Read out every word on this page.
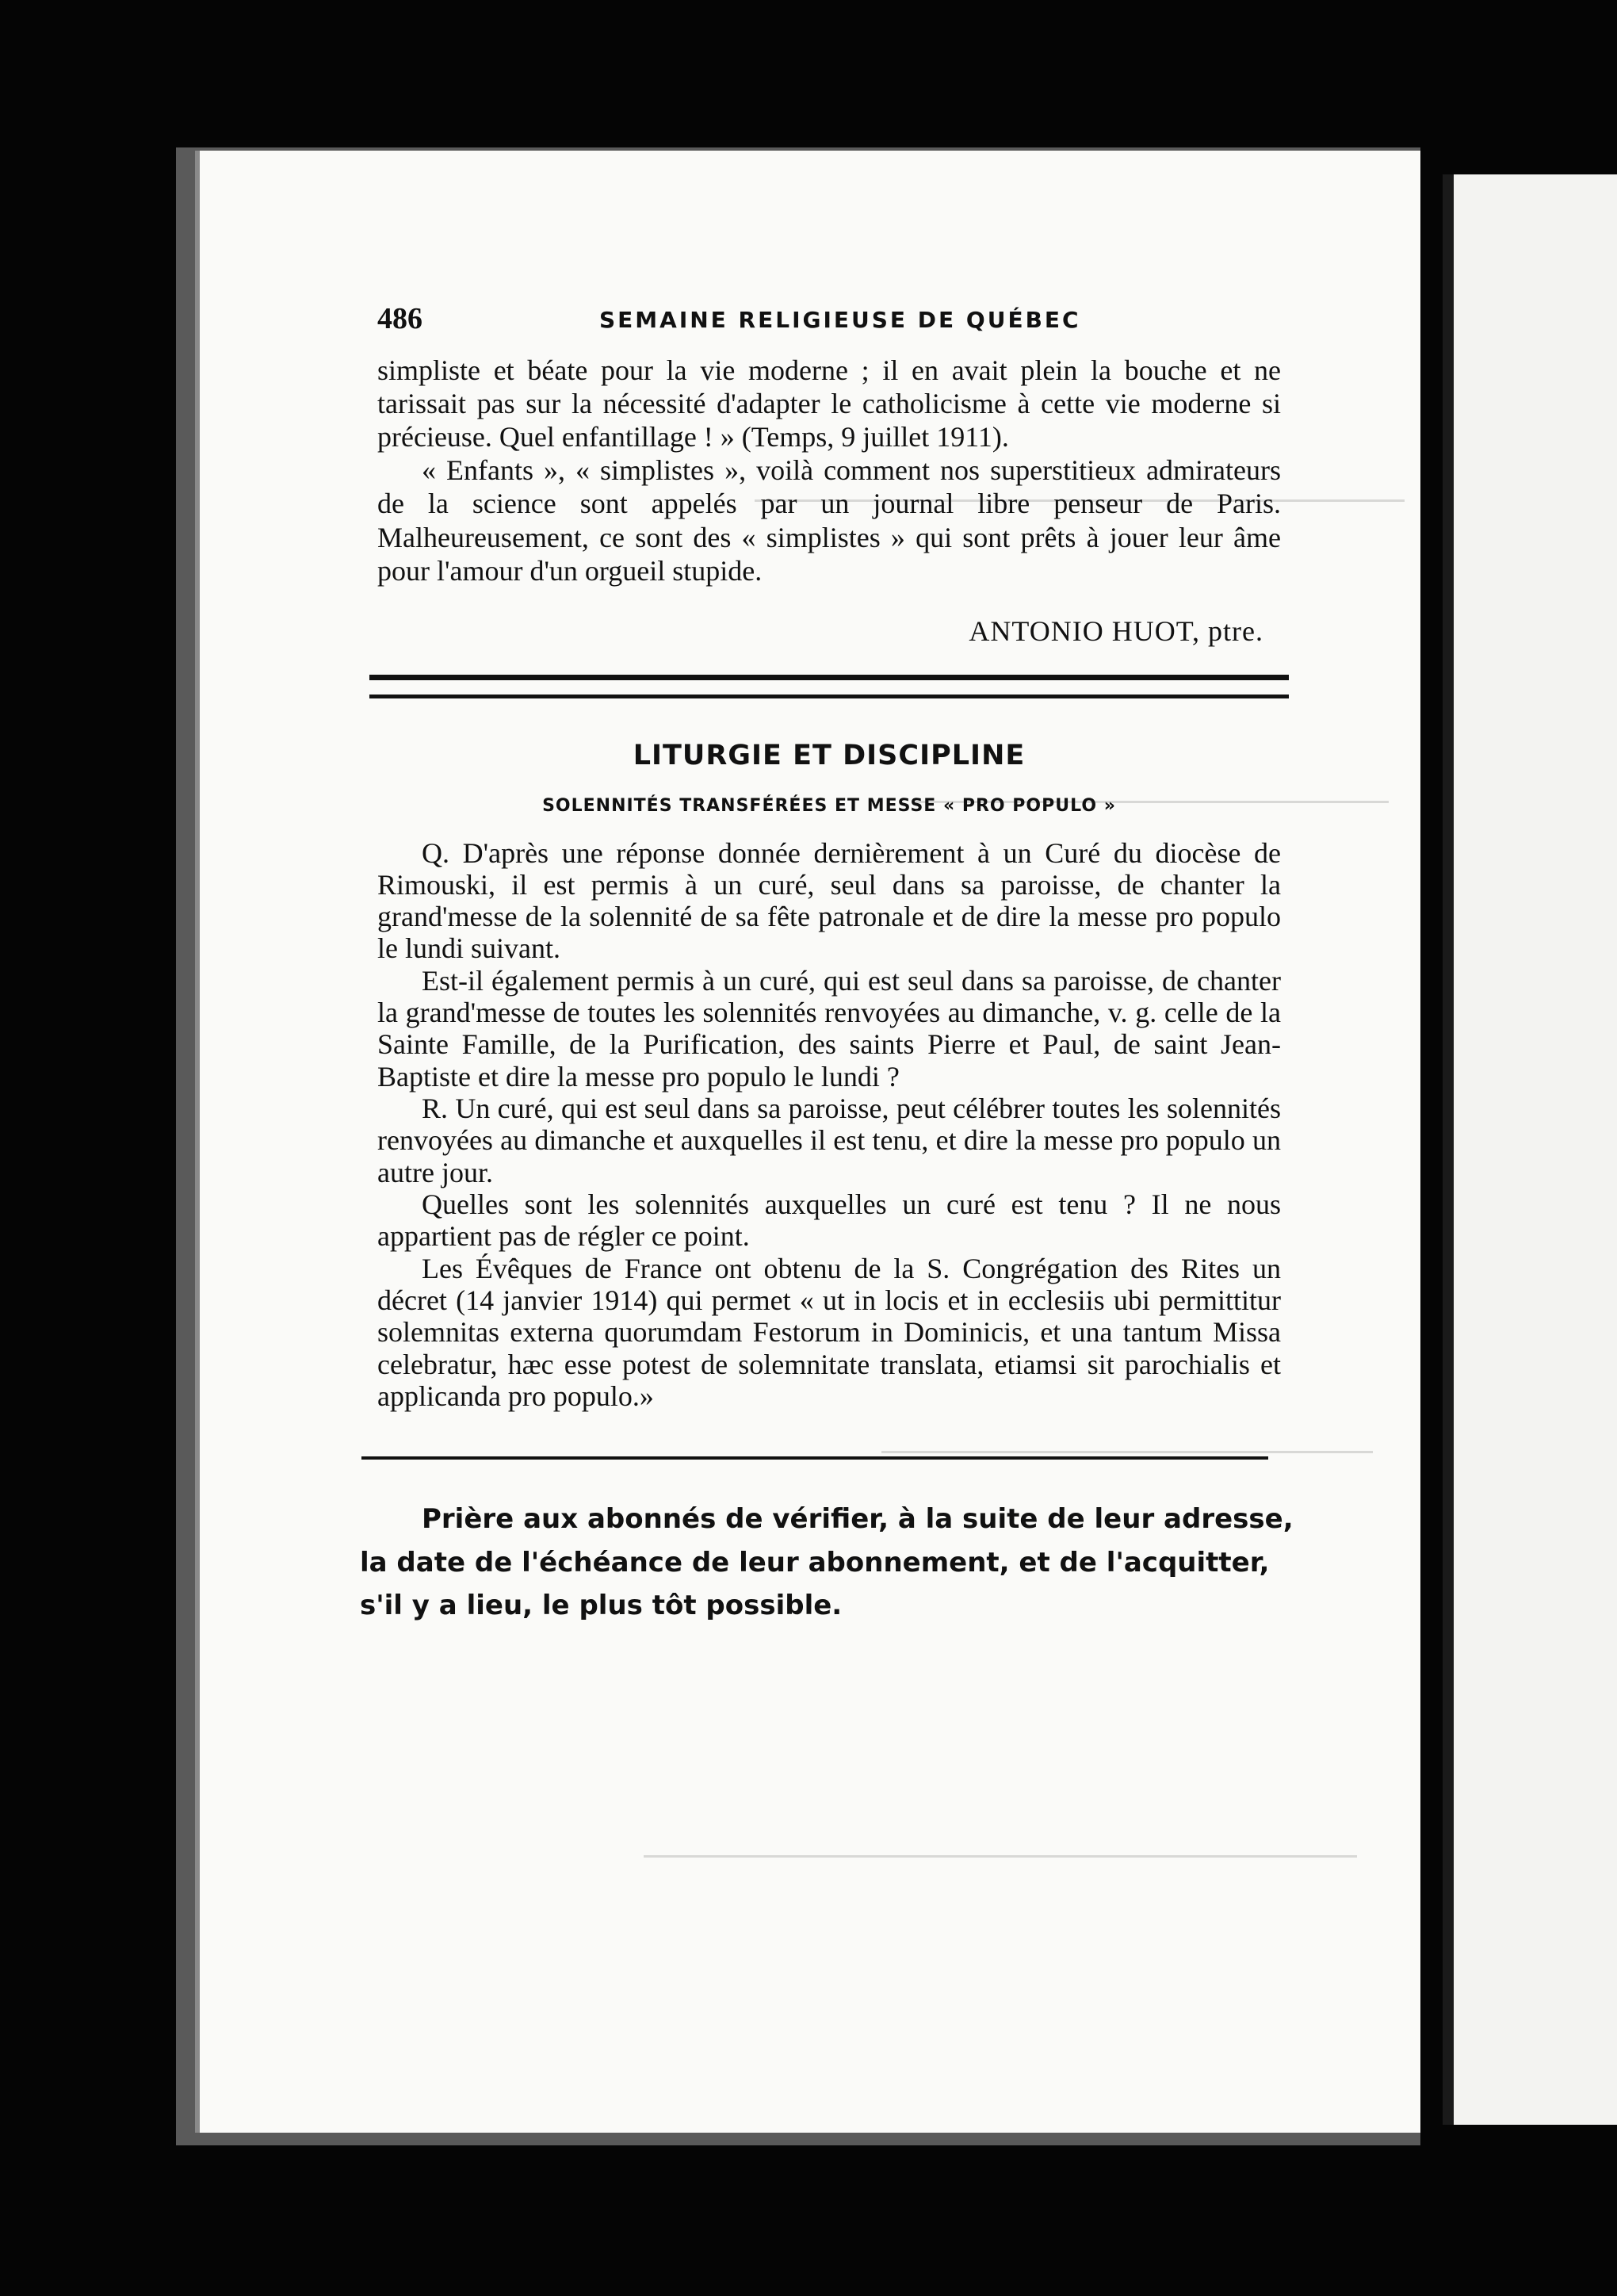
486	SEMAINE RELIGIEUSE DE QUÉBEC

simpliste et béate pour la vie moderne ; il en avait plein la bouche et ne tarissait pas sur la nécessité d'adapter le catholicisme à cette vie moderne si précieuse. Quel enfantillage ! » (Temps, 9 juillet 1911).

« Enfants », « simplistes », voilà comment nos superstitieux admirateurs de la science sont appelés par un journal libre penseur de Paris. Malheureusement, ce sont des « simplistes » qui sont prêts à jouer leur âme pour l'amour d'un orgueil stupide.

ANTONIO HUOT, ptre.
LITURGIE ET DISCIPLINE
SOLENNITÉS TRANSFÉRÉES ET MESSE « PRO POPULO »

Q. D'après une réponse donnée dernièrement à un Curé du diocèse de Rimouski, il est permis à un curé, seul dans sa paroisse, de chanter la grand'messe de la solennité de sa fête patronale et de dire la messe pro populo le lundi suivant.

Est-il également permis à un curé, qui est seul dans sa paroisse, de chanter la grand'messe de toutes les solennités renvoyées au dimanche, v. g. celle de la Sainte Famille, de la Purification, des saints Pierre et Paul, de saint Jean-Baptiste et dire la messe pro populo le lundi ?

R. Un curé, qui est seul dans sa paroisse, peut célébrer toutes les solennités renvoyées au dimanche et auxquelles il est tenu, et dire la messe pro populo un autre jour.

Quelles sont les solennités auxquelles un curé est tenu ? Il ne nous appartient pas de régler ce point.

Les Évêques de France ont obtenu de la S. Congrégation des Rites un décret (14 janvier 1914) qui permet « ut in locis et in ecclesiis ubi permittitur solemnitas externa quorumdam Festorum in Dominicis, et una tantum Missa celebratur, hæc esse potest de solemnitate translata, etiamsi sit parochialis et applicanda pro populo.»

Prière aux abonnés de vérifier, à la suite de leur adresse,
la date de l'échéance de leur abonnement, et de l'acquitter,
s'il y a lieu, le plus tôt possible.
